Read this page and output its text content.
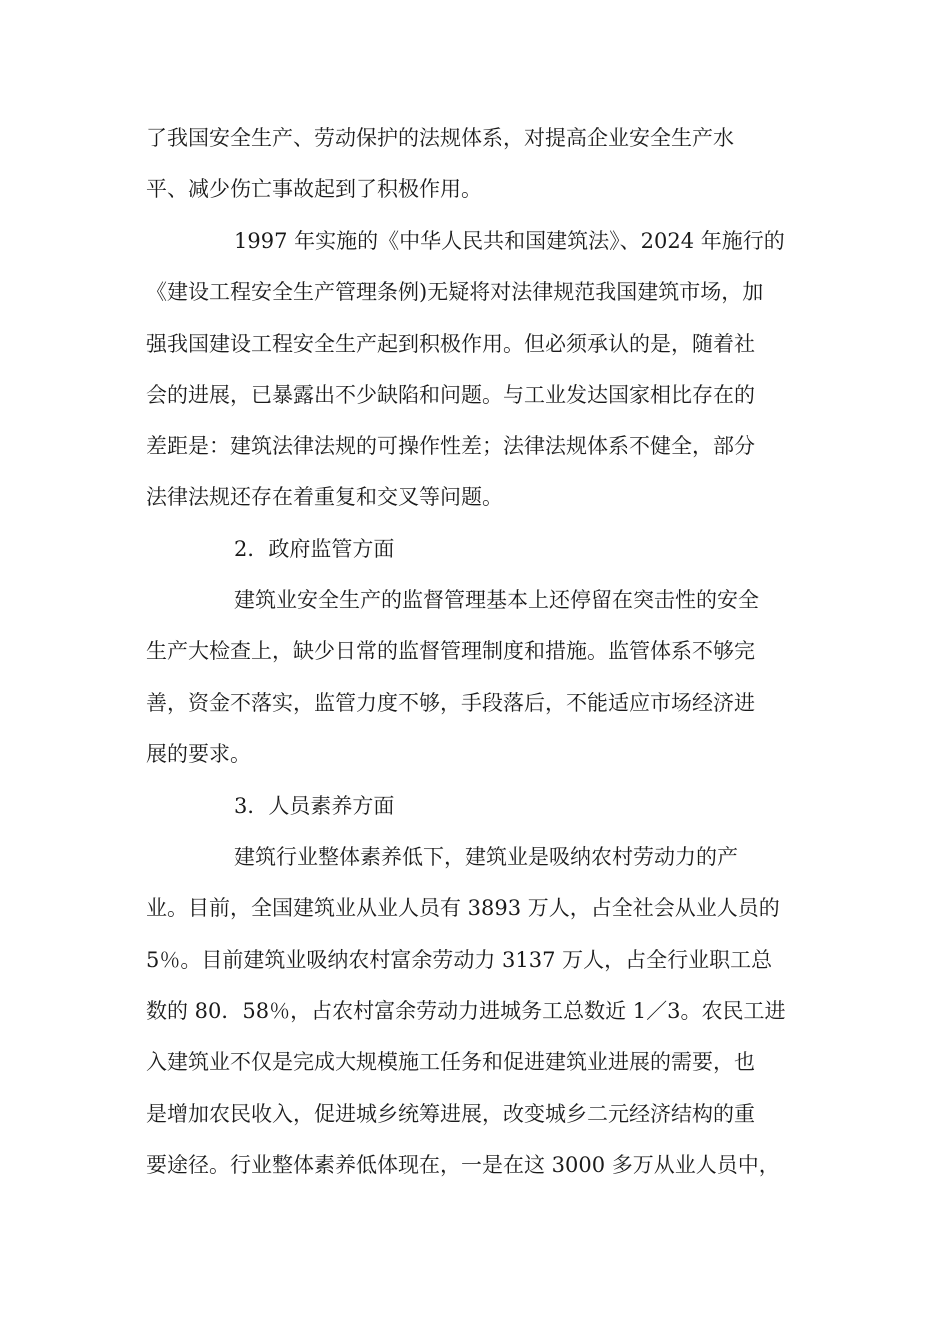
了我国安全生产、劳动保护的法规体系，对提高企业安全生产水
平、减少伤亡事故起到了积极作用。
1997 年实施的《中华人民共和国建筑法》、2024 年施行的
《建设工程安全生产管理条例)无疑将对法律规范我国建筑市场，加
强我国建设工程安全生产起到积极作用。但必须承认的是，随着社
会的进展，已暴露出不少缺陷和问题。与工业发达国家相比存在的
差距是：建筑法律法规的可操作性差；法律法规体系不健全，部分
法律法规还存在着重复和交叉等问题。
2．政府监管方面
建筑业安全生产的监督管理基本上还停留在突击性的安全
生产大检查上，缺少日常的监督管理制度和措施。监管体系不够完
善，资金不落实，监管力度不够，手段落后，不能适应市场经济进
展的要求。
3．人员素养方面
建筑行业整体素养低下，建筑业是吸纳农村劳动力的产
业。目前，全国建筑业从业人员有 3893 万人，占全社会从业人员的
5％。目前建筑业吸纳农村富余劳动力 3137 万人，占全行业职工总
数的 80．58％，占农村富余劳动力进城务工总数近 1／3。农民工进
入建筑业不仅是完成大规模施工任务和促进建筑业进展的需要，也
是增加农民收入，促进城乡统筹进展，改变城乡二元经济结构的重
要途径。行业整体素养低体现在，一是在这 3000 多万从业人员中，
